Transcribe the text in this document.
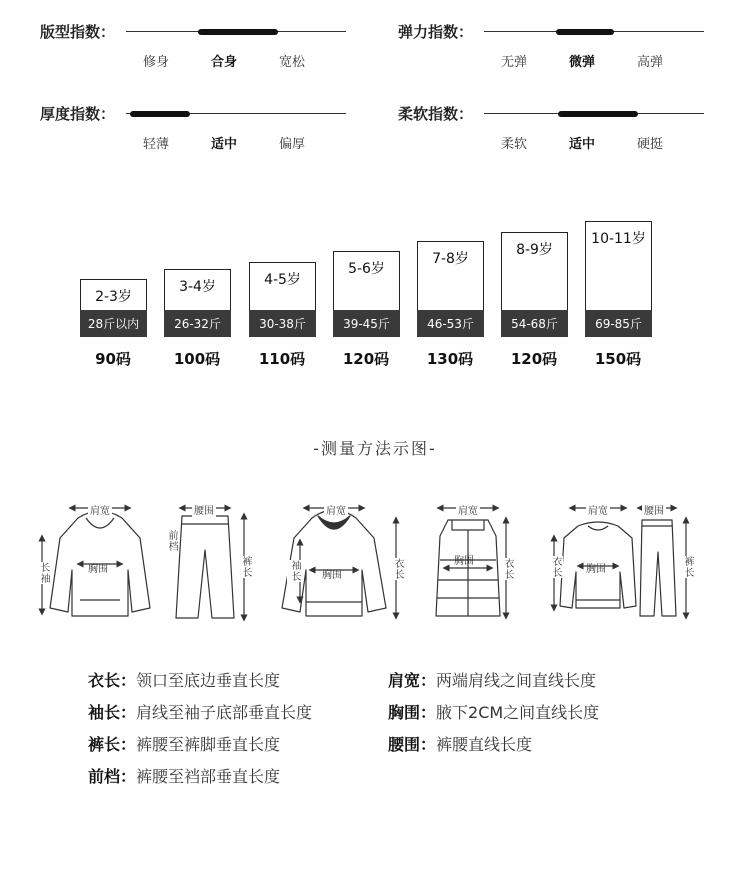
版型指数：
修身	合身	宽松
弹力指数：
无弹	微弹	高弹
厚度指数：
轻薄	适中	偏厚
柔软指数：
柔软	适中	硬挺
2-3岁
28斤以内
90码
3-4岁
26-32斤
100码
4-5岁
30-38斤
110码
5-6岁
39-45斤
120码
7-8岁
46-53斤
130码
8-9岁
54-68斤
120码
10-11岁
69-85斤
150码
-测量方法示图-
肩宽
胸围
长袖
腰围
前档
裤长
肩宽
胸围
袖长	衣长
肩宽
胸围	衣长
肩宽
胸围
衣长
腰围
裤长
衣长：领口至底边垂直长度
袖长：肩线至袖子底部垂直长度
裤长：裤腰至裤脚垂直长度
前档：裤腰至裆部垂直长度
肩宽：两端肩线之间直线长度
胸围：腋下2CM之间直线长度
腰围：裤腰直线长度
